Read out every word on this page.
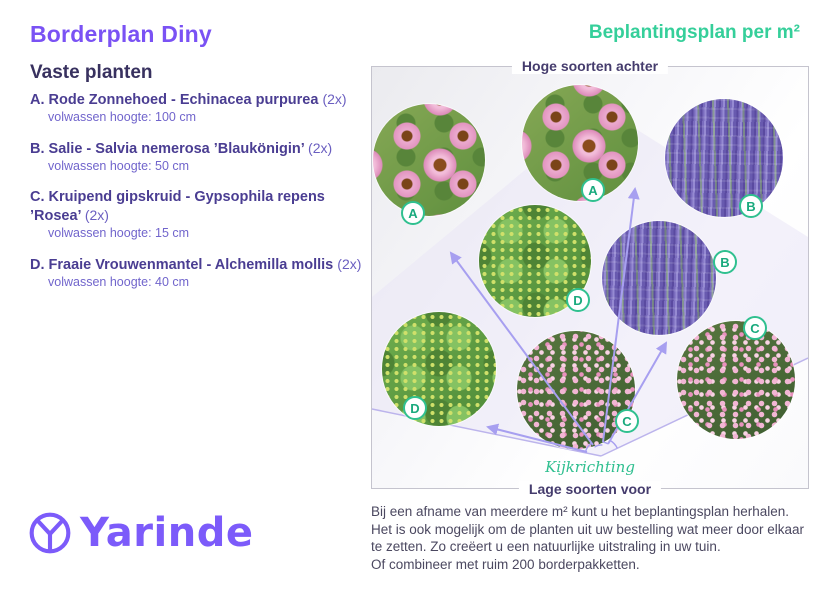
Borderplan Diny	Beplantingsplan per m²
Vaste planten
A. Rode Zonnehoed - Echinacea purpurea (2x)
volwassen hoogte: 100 cm
B. Salie - Salvia nemerosa ’Blaukönigin’ (2x)
volwassen hoogte: 50 cm
C. Kruipend gipskruid - Gypsophila repens ’Rosea’ (2x)
volwassen hoogte: 15 cm
D. Fraaie Vrouwenmantel - Alchemilla mollis (2x)
volwassen hoogte: 40 cm
A
A
B
D
B
D
C
C
Kijkrichting
Hoge soorten achter
Lage soorten voor
Bij een afname van meerdere m² kunt u het beplantingsplan herhalen.
Het is ook mogelijk om de planten uit uw bestelling wat meer door elkaar
te zetten. Zo creëert u een natuurlijke uitstraling in uw tuin.
Of combineer met ruim 200 borderpakketten.
Yarinde
